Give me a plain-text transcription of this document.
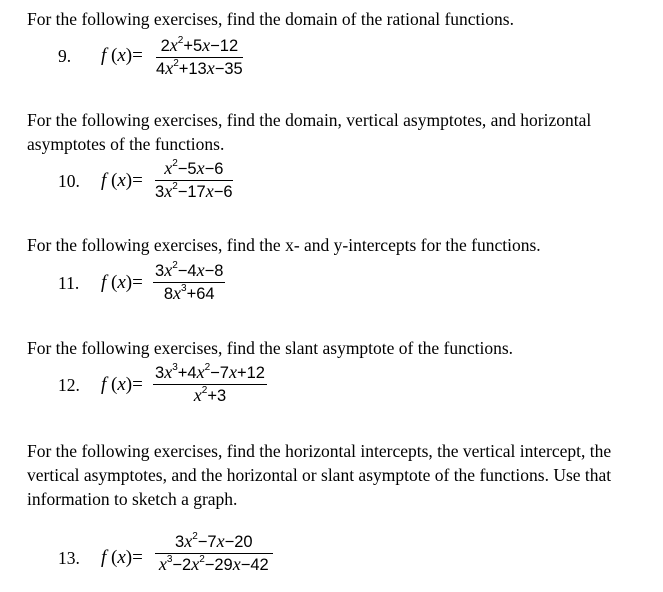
For the following exercises, find the domain of the rational functions.

9. f $(x)= \frac{2x^2+5x-12}{4x^2+13x-35}$

For the following exercises, find the domain, vertical asymptotes, and horizontal asymptotes of the functions.

10. f $(x)= \frac{x^2-5x-6}{3x^2-17x-6}$

For the following exercises, find the x- and y-intercepts for the functions.

11. f $(x)= \frac{3x^2-4x-8}{8x^3+64}$

For the following exercises, find the slant asymptote of the functions.

12. f $(x)= \frac{3x^3+4x^2-7x+12}{x^2+3}$

For the following exercises, find the horizontal intercepts, the vertical intercept, the vertical asymptotes, and the horizontal or slant asymptote of the functions. Use that information to sketch a graph.

13. f $(x)= \frac{3x^2-7x-20}{x^3-2x^2-29x-42}$
